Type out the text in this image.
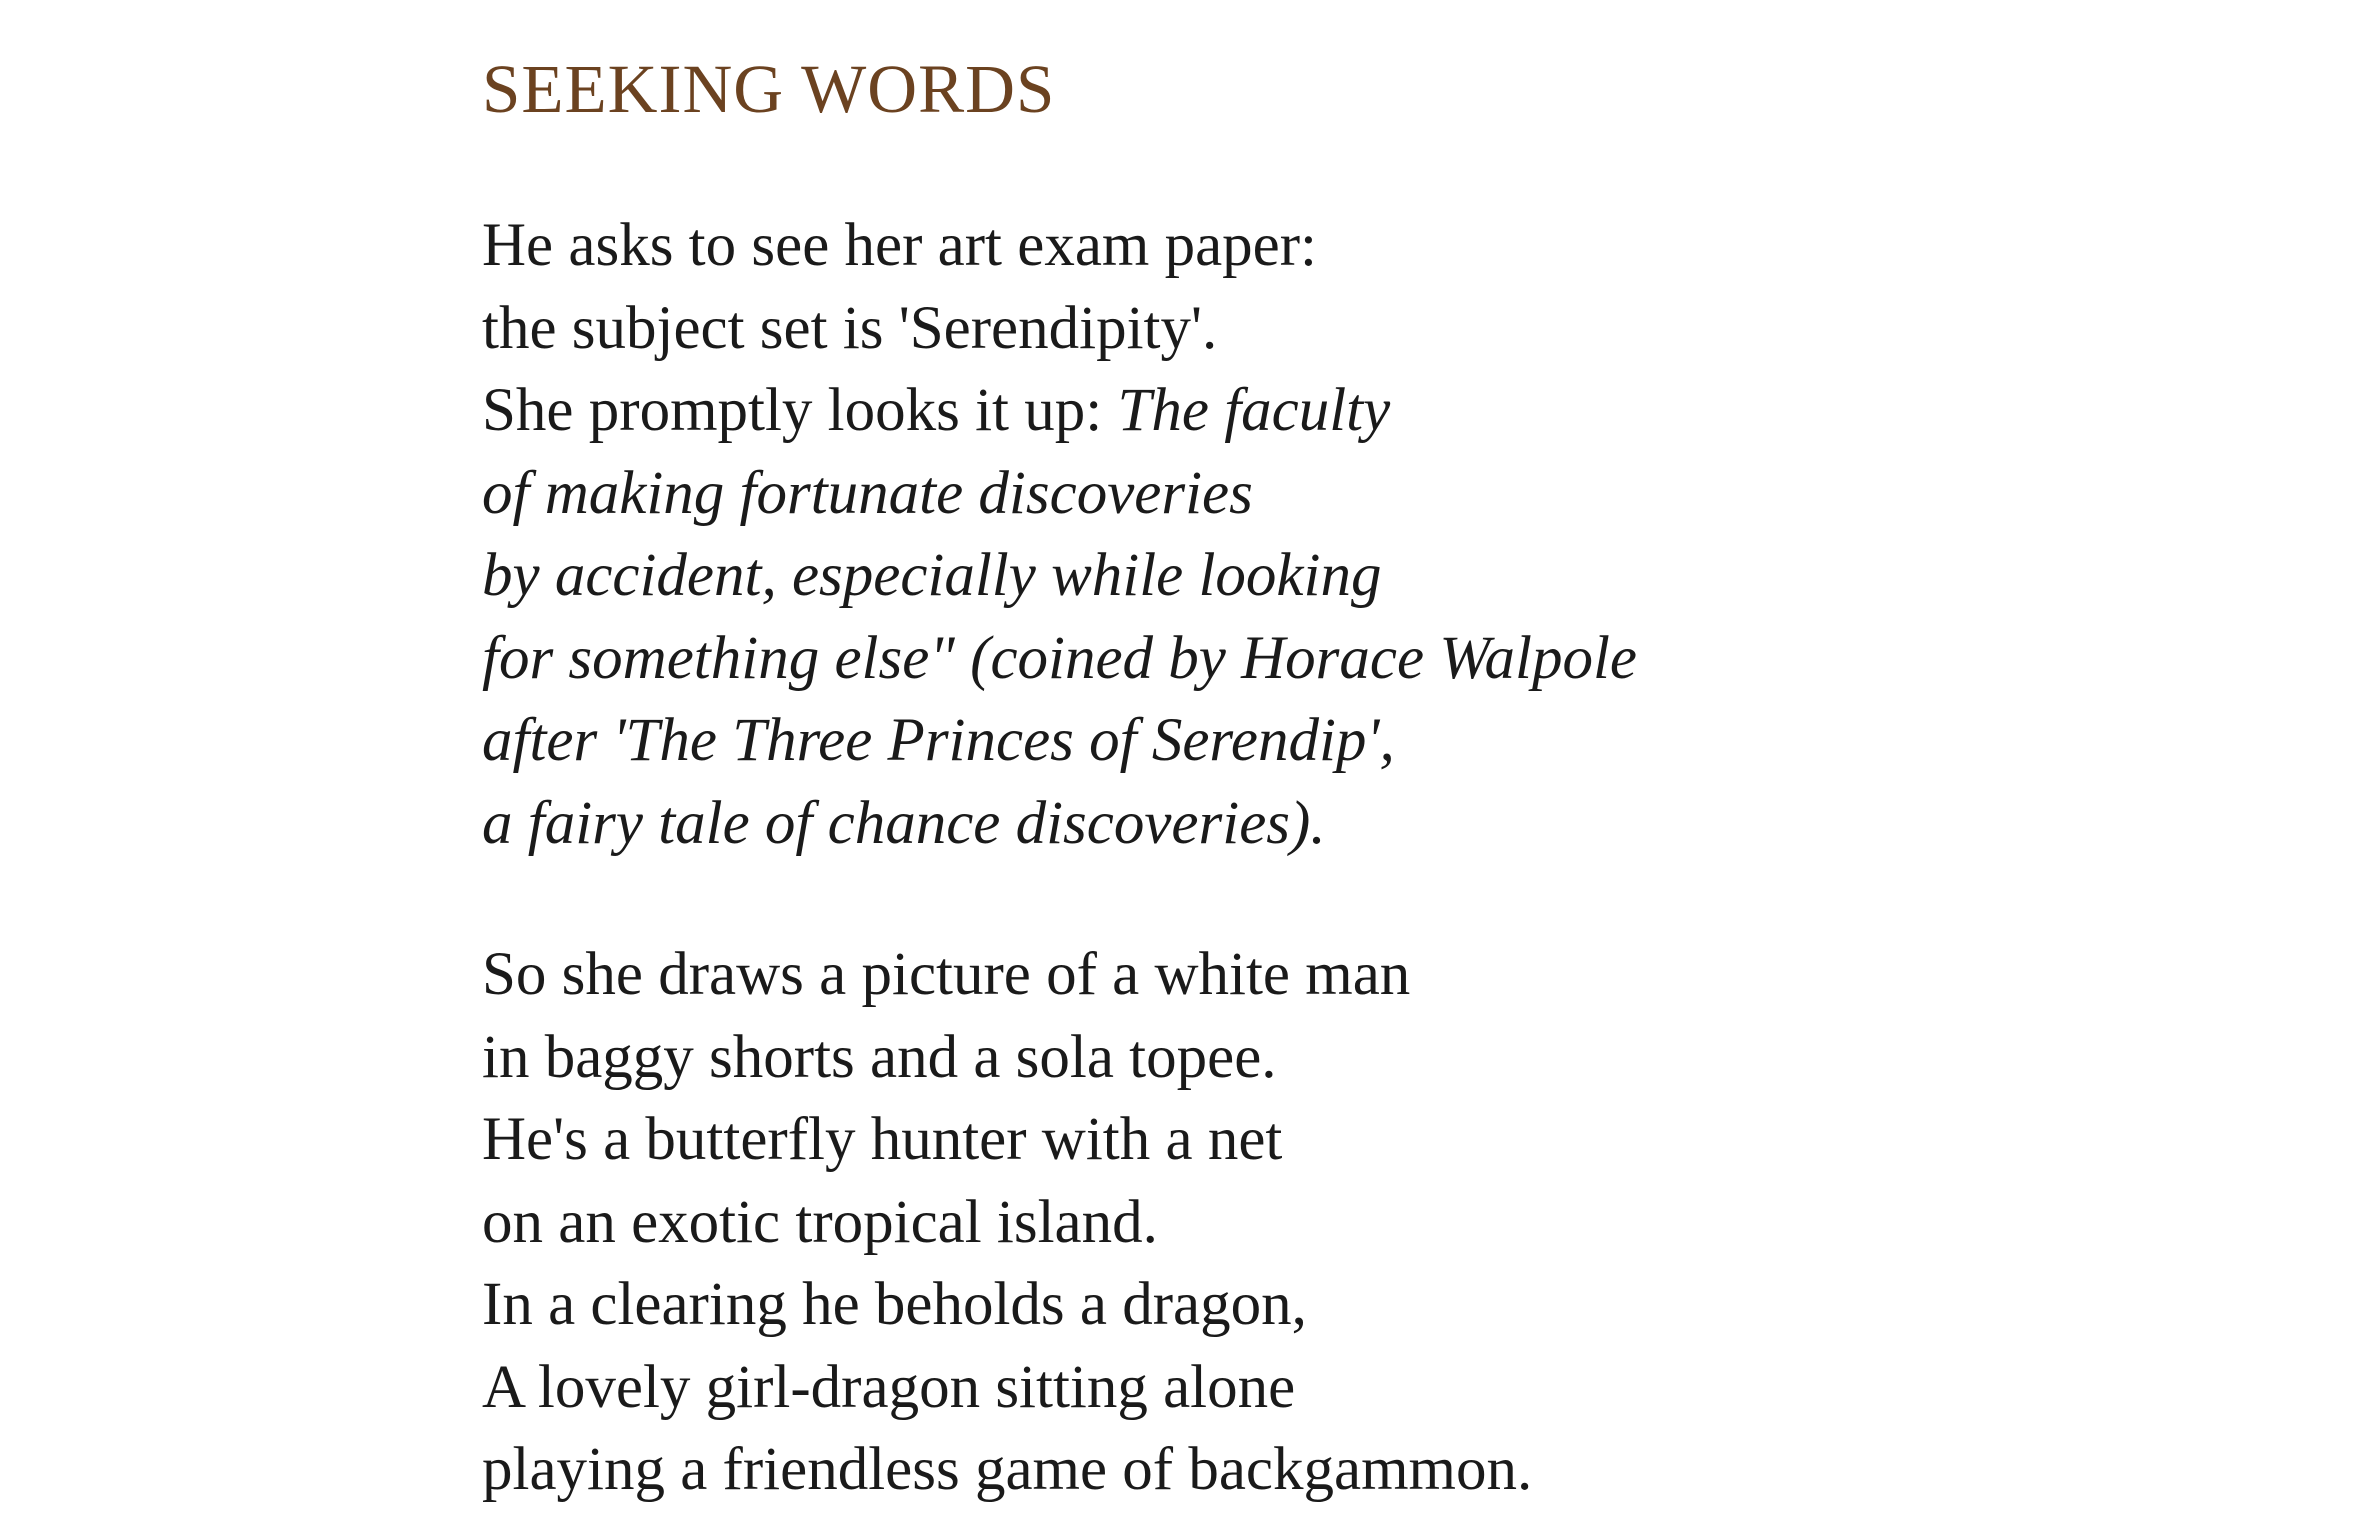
SEEKING WORDS
He asks to see her art exam paper:
the subject set is 'Serendipity'.
She promptly looks it up: The faculty
of making fortunate discoveries
by accident, especially while looking
for something else" (coined by Horace Walpole
after 'The Three Princes of Serendip',
a fairy tale of chance discoveries).
So she draws a picture of a white man
in baggy shorts and a sola topee.
He's a butterfly hunter with a net
on an exotic tropical island.
In a clearing he beholds a dragon,
A lovely girl-dragon sitting alone
playing a friendless game of backgammon.
